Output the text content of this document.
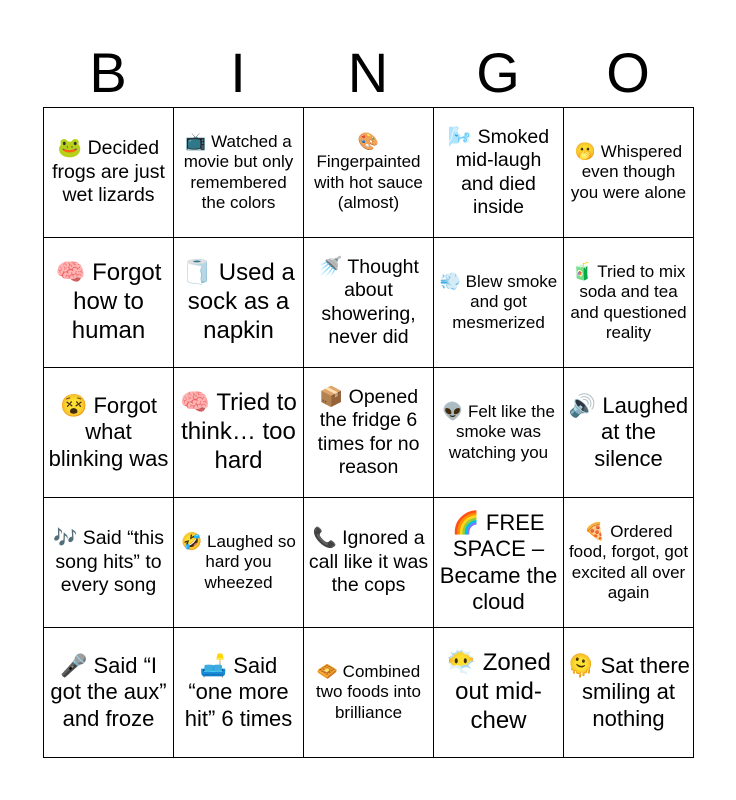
B	I	N	G	O
🐸 Decided frogs are just wet lizards	📺 Watched a movie but only remembered the colors	🎨 Fingerpainted with hot sauce (almost)	🌬️ Smoked mid-laugh and died inside	🫢 Whispered even though you were alone
🧠 Forgot how to human	🧻 Used a sock as a napkin	🚿 Thought about showering, never did	💨 Blew smoke and got mesmerized	🧃 Tried to mix soda and tea and questioned reality
😵 Forgot what blinking was	🧠 Tried to think… too hard	📦 Opened the fridge 6 times for no reason	👽 Felt like the smoke was watching you	🔊 Laughed at the silence
🎶 Said “this song hits” to every song	🤣 Laughed so hard you wheezed	📞 Ignored a call like it was the cops	🌈 FREE SPACE – Became the cloud	🍕 Ordered food, forgot, got excited all over again
🎤 Said “I got the aux” and froze	🛋️ Said “one more hit” 6 times	🧇 Combined two foods into brilliance	😶‍🌫️ Zoned out mid-chew	🫠 Sat there smiling at nothing
